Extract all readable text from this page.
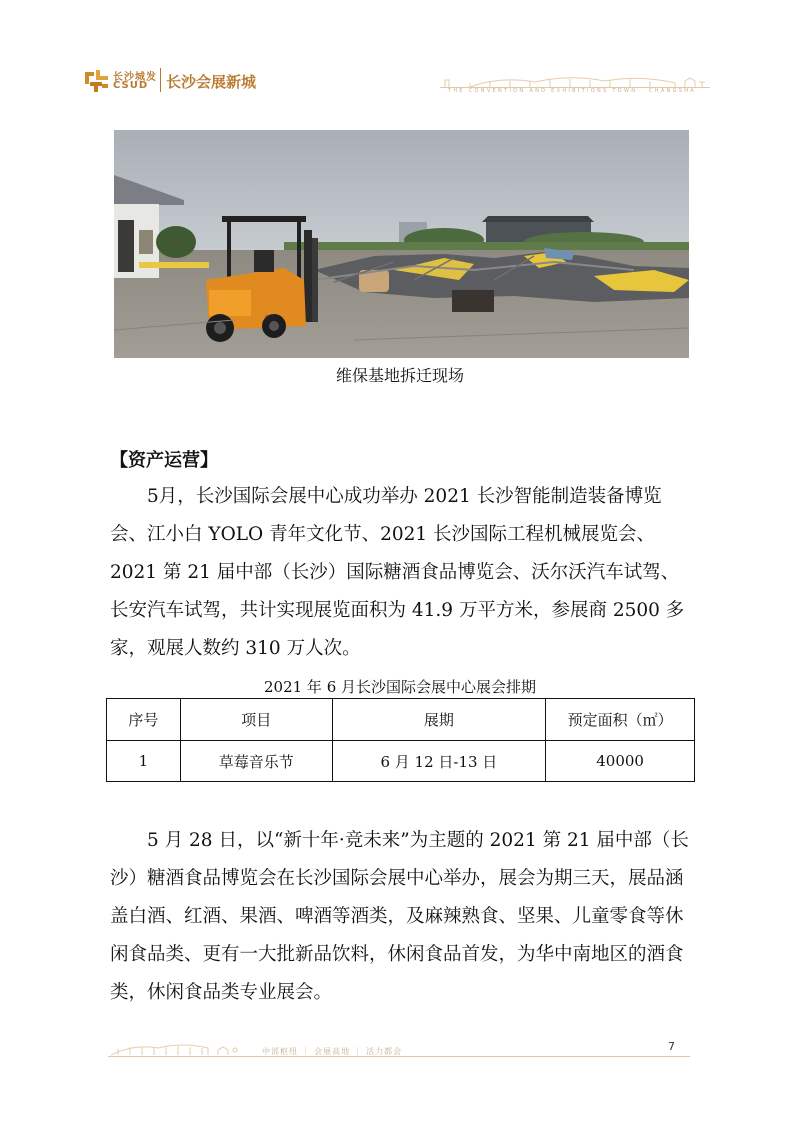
长沙城发
CSUD 长沙会展新城	THE CONVENTION AND EXHIBITIONS TOWN · CHANGSHA
合力
维保基地拆迁现场
【资产运营】

5月，长沙国际会展中心成功举办 2021 长沙智能制造装备博览会、江小白 YOLO 青年文化节、2021 长沙国际工程机械展览会、2021 第 21 届中部（长沙）国际糖酒食品博览会、沃尔沃汽车试驾、长安汽车试驾，共计实现展览面积为 41.9 万平方米，参展商 2500 多家，观展人数约 310 万人次。

2021 年 6 月长沙国际会展中心展会排期
序号	项目	展期	预定面积（㎡）
1	草莓音乐节	6 月 12 日-13 日	40000

5 月 28 日，以“新十年·竞未来”为主题的 2021 第 21 届中部（长沙）糖酒食品博览会在长沙国际会展中心举办，展会为期三天，展品涵盖白酒、红酒、果酒、啤酒等酒类，及麻辣熟食、坚果、儿童零食等休闲食品类、更有一大批新品饮料，休闲食品首发，为华中南地区的酒食类，休闲食品类专业展会。

中部枢纽 ｜ 会展高地 ｜ 活力都会	7
